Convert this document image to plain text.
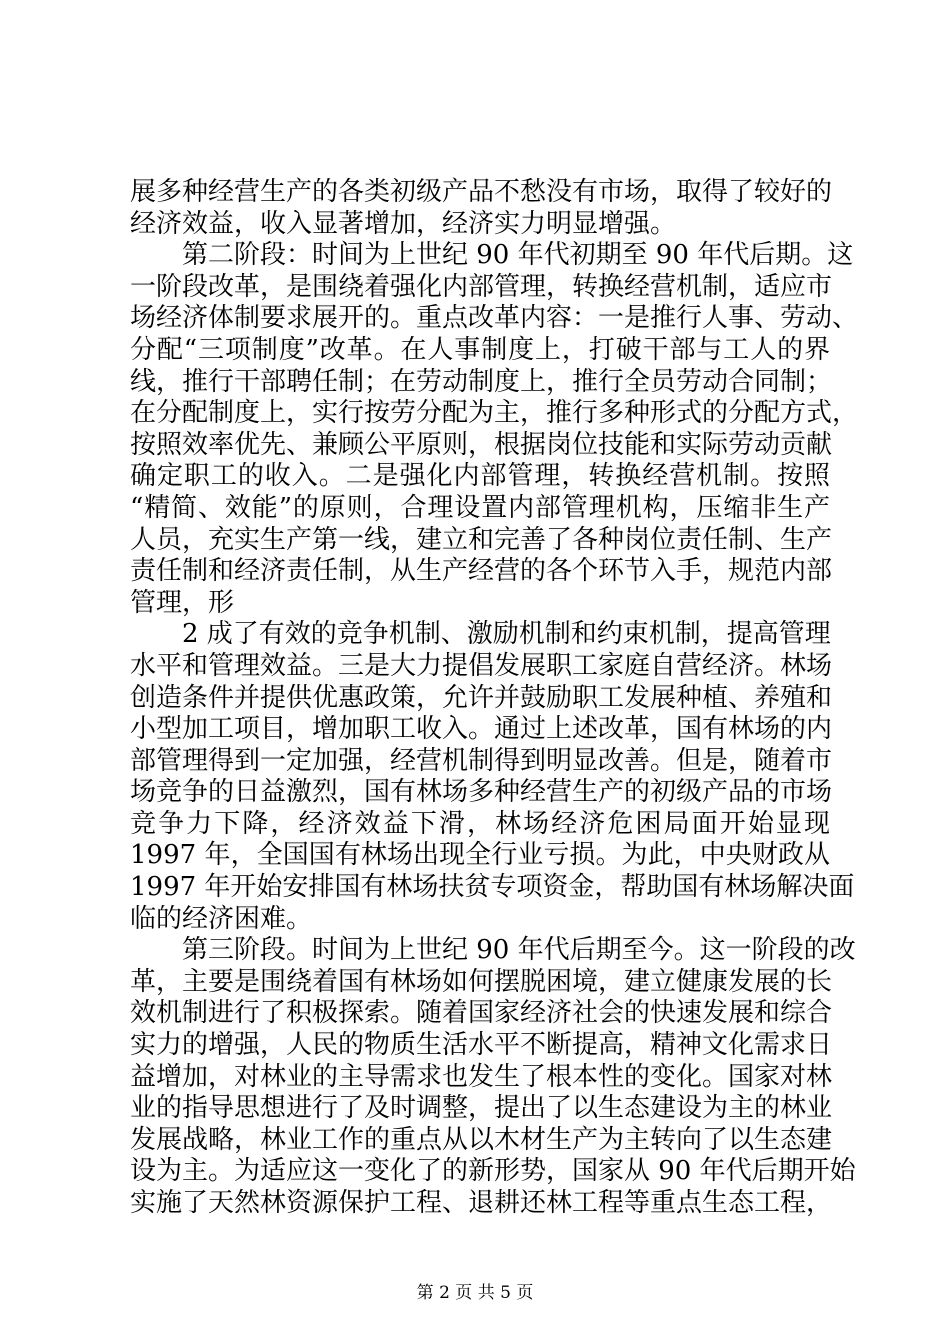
展多种经营生产的各类初级产品不愁没有市场，取得了较好的
经济效益，收入显著增加，经济实力明显增强。
第二阶段：时间为上世纪 90 年代初期至 90 年代后期。这
一阶段改革，是围绕着强化内部管理，转换经营机制，适应市
场经济体制要求展开的。重点改革内容：一是推行人事、劳动、
分配“三项制度”改革。在人事制度上，打破干部与工人的界
线，推行干部聘任制；在劳动制度上，推行全员劳动合同制；
在分配制度上，实行按劳分配为主，推行多种形式的分配方式，
按照效率优先、兼顾公平原则，根据岗位技能和实际劳动贡献
确定职工的收入。二是强化内部管理，转换经营机制。按照
“精简、效能”的原则，合理设置内部管理机构，压缩非生产
人员，充实生产第一线，建立和完善了各种岗位责任制、生产
责任制和经济责任制，从生产经营的各个环节入手，规范内部
管理，形
2 成了有效的竞争机制、激励机制和约束机制，提高管理
水平和管理效益。三是大力提倡发展职工家庭自营经济。林场
创造条件并提供优惠政策，允许并鼓励职工发展种植、养殖和
小型加工项目，增加职工收入。通过上述改革，国有林场的内
部管理得到一定加强，经营机制得到明显改善。但是，随着市
场竞争的日益激烈，国有林场多种经营生产的初级产品的市场
竞争力下降，经济效益下滑，林场经济危困局面开始显现
1997 年，全国国有林场出现全行业亏损。为此，中央财政从
1997 年开始安排国有林场扶贫专项资金，帮助国有林场解决面
临的经济困难。
第三阶段。时间为上世纪 90 年代后期至今。这一阶段的改
革，主要是围绕着国有林场如何摆脱困境，建立健康发展的长
效机制进行了积极探索。随着国家经济社会的快速发展和综合
实力的增强，人民的物质生活水平不断提高，精神文化需求日
益增加，对林业的主导需求也发生了根本性的变化。国家对林
业的指导思想进行了及时调整，提出了以生态建设为主的林业
发展战略，林业工作的重点从以木材生产为主转向了以生态建
设为主。为适应这一变化了的新形势，国家从 90 年代后期开始
实施了天然林资源保护工程、退耕还林工程等重点生态工程，
第 2 页 共 5 页
